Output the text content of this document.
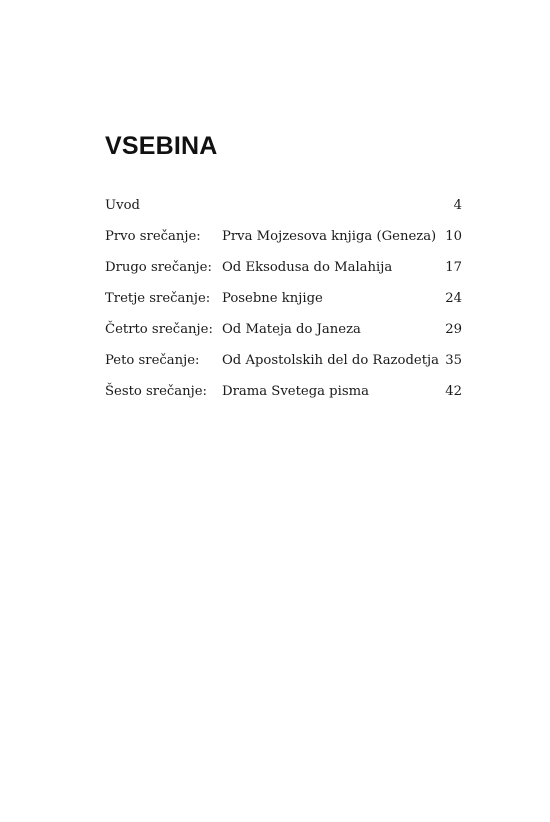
VSEBINA
Uvod	4
Prvo srečanje: Prva Mojzesova knjiga (Geneza) 10
Drugo srečanje: Od Eksodusa do Malahija	17
Tretje srečanje: Posebne knjige	24
Četrto srečanje: Od Mateja do Janeza	29
Peto srečanje: Od Apostolskih del do Razodetja 35
Šesto srečanje: Drama Svetega pisma	42
